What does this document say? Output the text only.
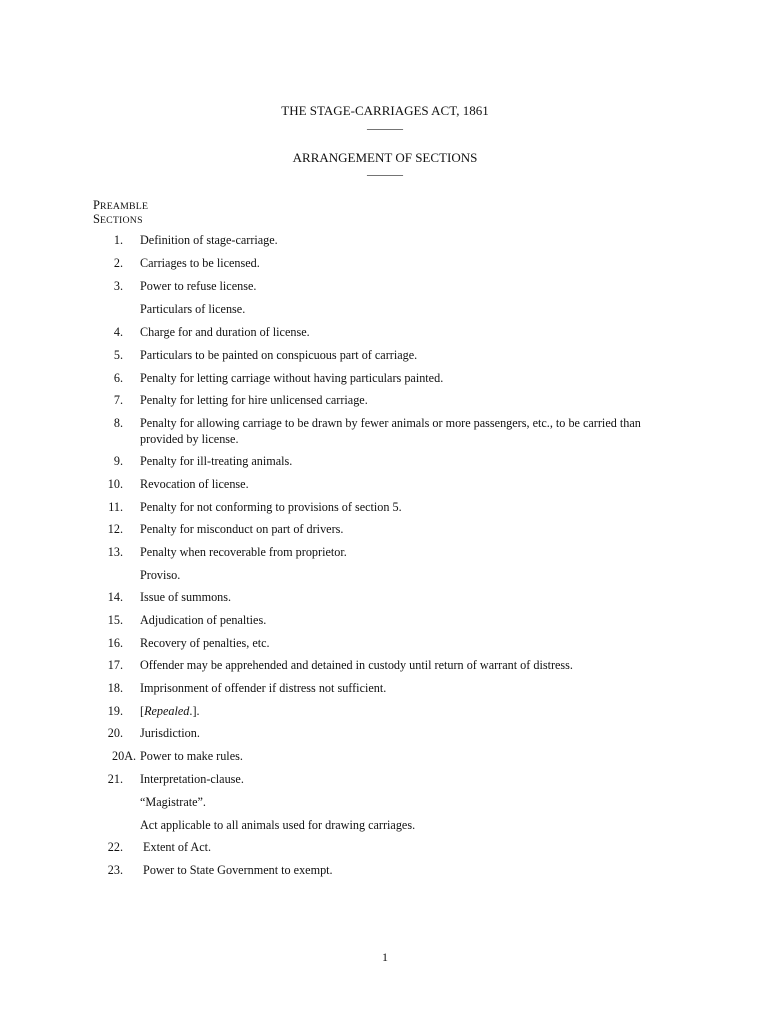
THE STAGE-CARRIAGES ACT, 1861
———
ARRANGEMENT OF SECTIONS
———
PREAMBLE
SECTIONS
1. Definition of stage-carriage.
2. Carriages to be licensed.
3. Power to refuse license.
Particulars of license.
4. Charge for and duration of license.
5. Particulars to be painted on conspicuous part of carriage.
6. Penalty for letting carriage without having particulars painted.
7. Penalty for letting for hire unlicensed carriage.
8. Penalty for allowing carriage to be drawn by fewer animals or more passengers, etc., to be carried than provided by license.
9. Penalty for ill-treating animals.
10. Revocation of license.
11. Penalty for not conforming to provisions of section 5.
12. Penalty for misconduct on part of drivers.
13. Penalty when recoverable from proprietor.
Proviso.
14. Issue of summons.
15. Adjudication of penalties.
16. Recovery of penalties, etc.
17. Offender may be apprehended and detained in custody until return of warrant of distress.
18. Imprisonment of offender if distress not sufficient.
19. [Repealed.].
20. Jurisdiction.
20A. Power to make rules.
21. Interpretation-clause.
“Magistrate”.
Act applicable to all animals used for drawing carriages.
22. Extent of Act.
23. Power to State Government to exempt.
1
